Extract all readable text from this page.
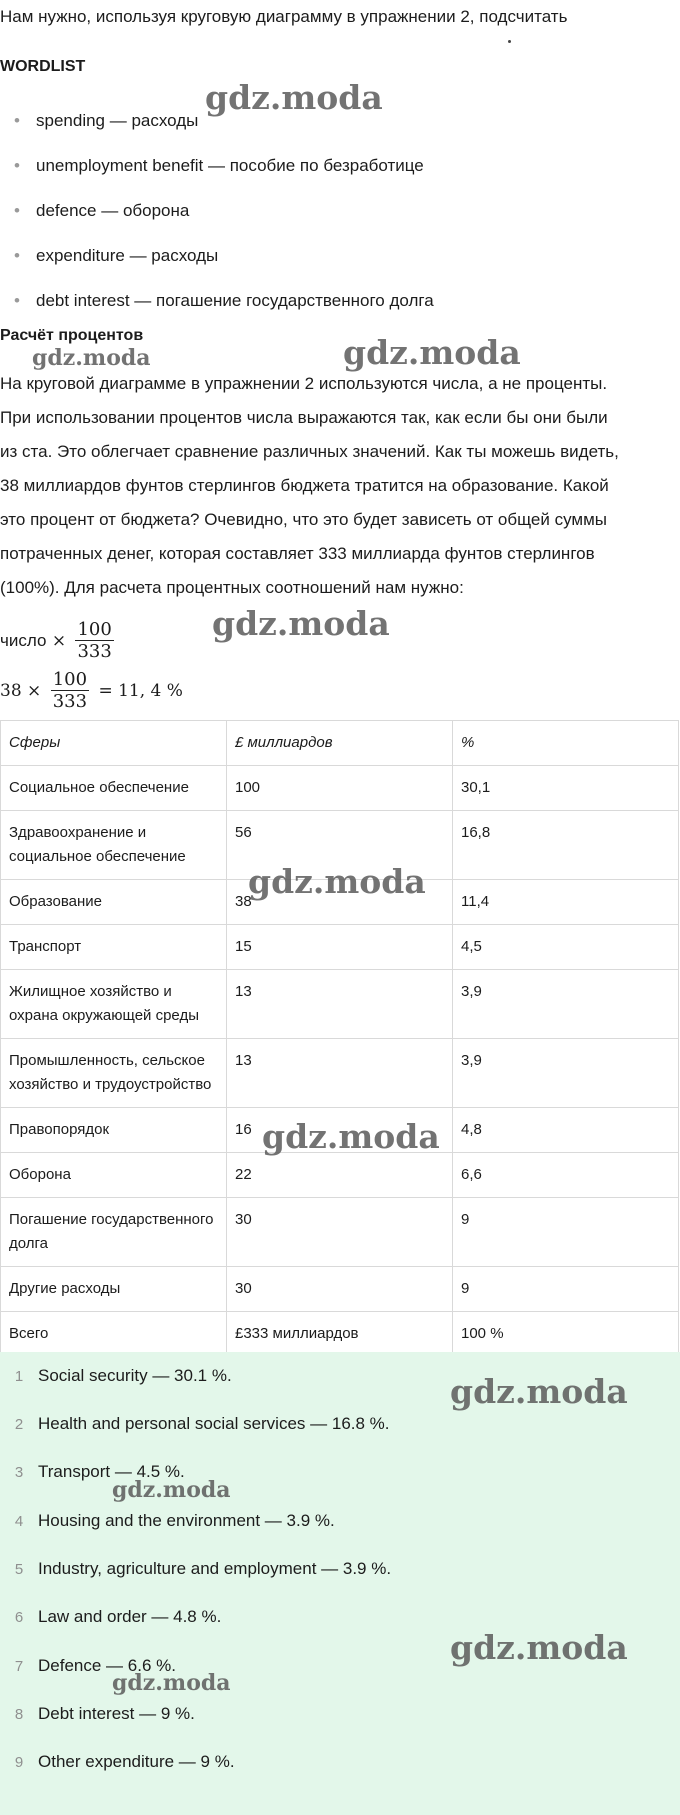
Нам нужно, используя круговую диаграмму в упражнении 2, подсчитать

WORDLIST

• spending — расходы

• unemployment benefit — пособие по безработице

• defence — оборона

• expenditure — расходы

• debt interest — погашение государственного долга

Расчёт процентов

На круговой диаграмме в упражнении 2 используются числа, а не проценты.
При использовании процентов числа выражаются так, как если бы они были
из ста. Это облегчает сравнение различных значений. Как ты можешь видеть,
38 миллиардов фунтов стерлингов бюджета тратится на образование. Какой
это процент от бюджета? Очевидно, что это будет зависеть от общей суммы
потраченных денег, которая составляет 333 миллиарда фунтов стерлингов
(100%). Для расчета процентных соотношений нам нужно:
число × $\frac{100}{333}$
$38 \times \frac{100}{333} = 11$, 4 %
Сферы	£ миллиардов	%
Социальное обеспечение	100	30,1
Здравоохранение и социальное обеспечение	56	16,8
Образование	38	11,4
Транспорт	15	4,5
Жилищное хозяйство и охрана окружающей среды	13	3,9
Промышленность, сельское хозяйство и трудоустройство	13	3,9
Правопорядок	16	4,8
Оборона	22	6,6
Погашение государственного долга	30	9
Другие расходы	30	9
Всего	£333 миллиардов	100 %

1 Social security — 30.1 %.

2 Health and personal social services — 16.8 %.

3 Transport — 4.5 %.

4 Housing and the environment — 3.9 %.

5 Industry, agriculture and employment — 3.9 %.

6 Law and order — 4.8 %.

7 Defence — 6.6 %.

8 Debt interest — 9 %.

9 Other expenditure — 9 %.

gdz.moda
gdz.moda	gdz.moda
gdz.moda
gdz.moda
gdz.moda
gdz.moda
gdz.moda
gdz.moda
gdz.moda
